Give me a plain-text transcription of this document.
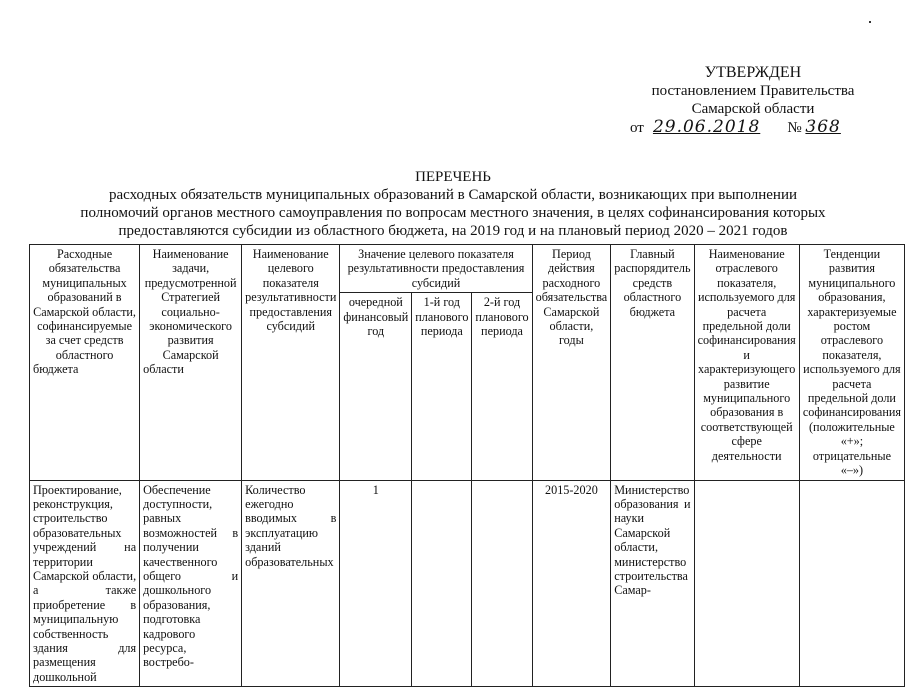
УТВЕРЖДЕН
постановлением Правительства
Самарской области
от 29.06.2018 № 368
ПЕРЕЧЕНЬ
расходных обязательств муниципальных образований в Самарской области, возникающих при выполнении
полномочий органов местного самоуправления по вопросам местного значения, в целях софинансирования которых
предоставляются субсидии из областного бюджета, на 2019 год и на плановый период 2020 – 2021 годов
Расходные обязательства муниципальных образований в Самарской области, софинансируемые за счет средств областного бюджета	Наименование задачи, предусмотренной Стратегией социально-экономического развития Самарской области	Наименование целевого показателя результативности предоставления субсидий	Значение целевого показателя результативности предоставления субсидий			Период действия расходного обязательства Самарской области, годы	Главный распорядитель средств областного бюджета	Наименование отраслевого показателя, используемого для расчета предельной доли софинансирования и характеризующего развитие муниципального образования в соответствующей сфере деятельности	Тенденции развития муниципального образования, характеризуемые ростом отраслевого показателя, используемого для расчета предельной доли софинансирования (положительные «+»; отрицательные «–»)
			очередной финансовый год	1-й год планового периода	2-й год планового периода				
Проектирование, реконструкция, строительство образовательных учреждений на территории Самарской области, а также приобретение в муниципальную собственность здания для размещения дошкольной	Обеспечение доступности, равных возможностей в получении качественного общего и дошкольного образования, подготовка кадрового ресурса, востребо-	Количество ежегодно вводимых в эксплуатацию зданий образовательных	1			2015-2020	Министерство образования и науки Самарской области, министерство строительства Самар-		
